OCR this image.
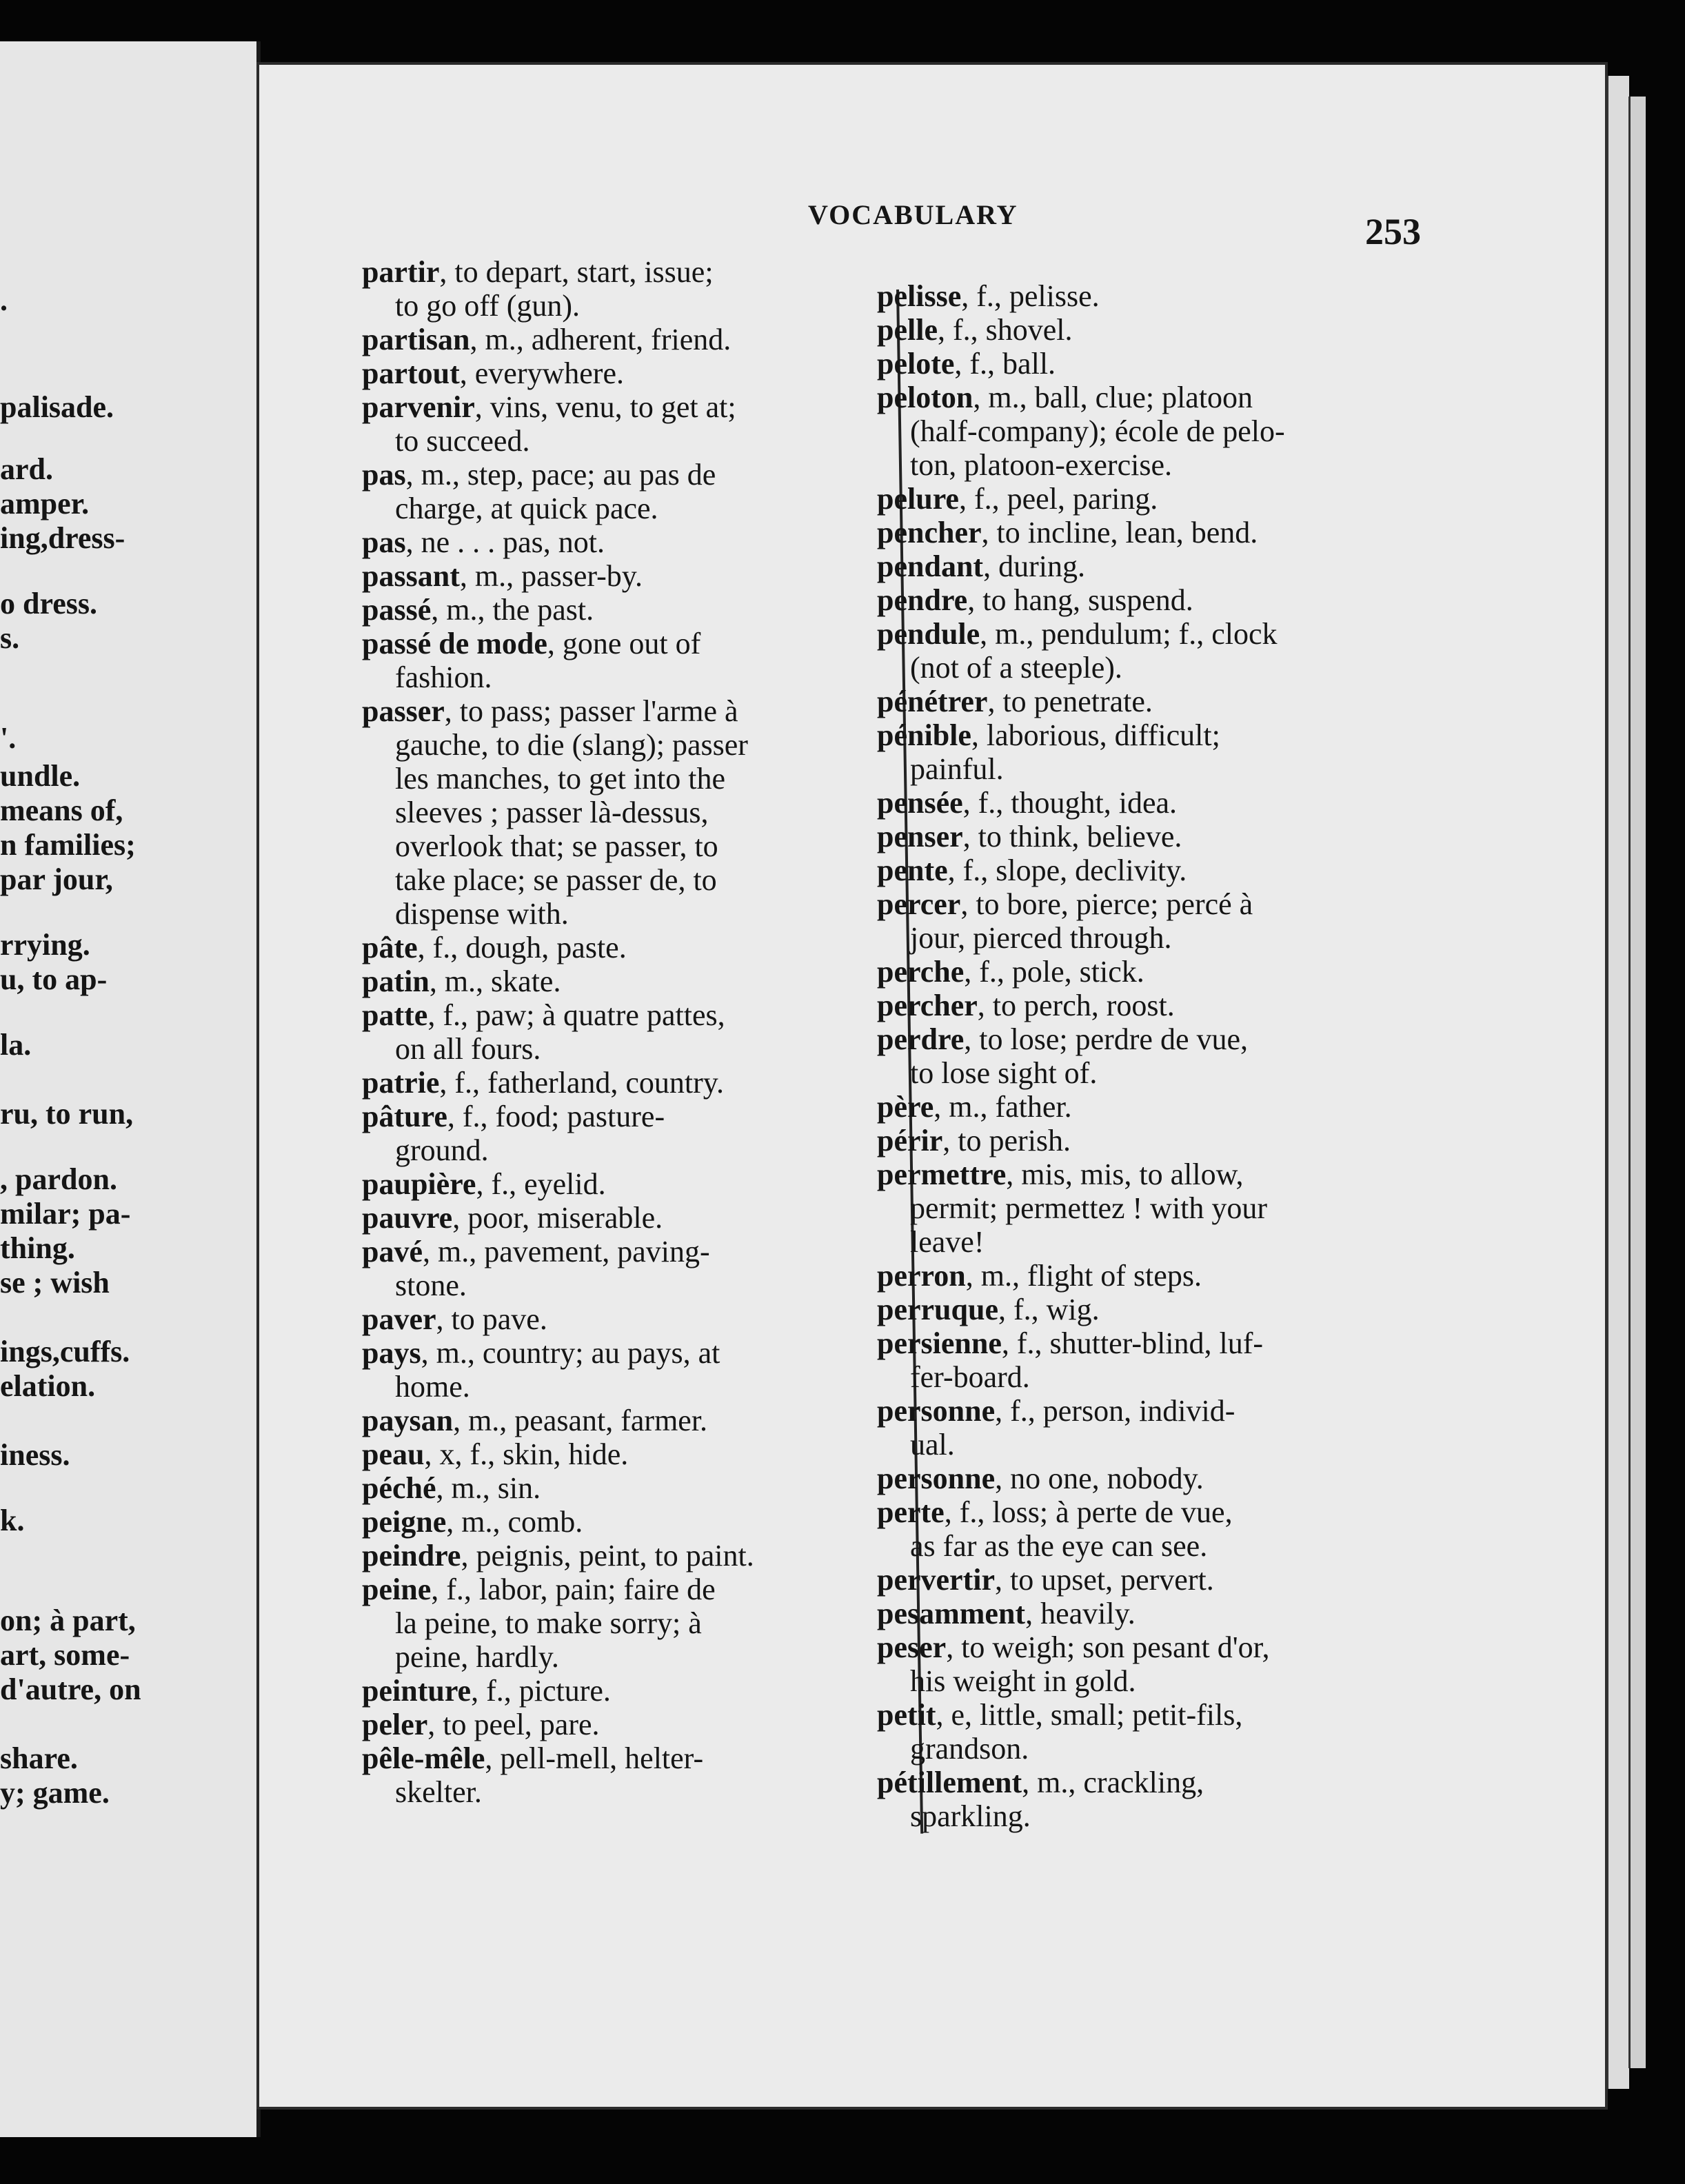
.
palisade.
ard.
amper.
ing,dress-
o dress.
s.
'.
undle.
means of,
n families;
par jour,
rrying.
u, to ap-
la.
ru, to run,
, pardon.
milar; pa-
thing.
se ; wish
ings,cuffs.
elation.
iness.
k.
on; à part,
art, some-
d'autre, on
share.
y; game.
VOCABULARY	253
partir, to depart, start, issue;
to go off (gun).
partisan, m., adherent, friend.
partout, everywhere.
parvenir, vins, venu, to get at;
to succeed.
pas, m., step, pace; au pas de
charge, at quick pace.
pas, ne . . . pas, not.
passant, m., passer-by.
passé, m., the past.
passé de mode, gone out of
fashion.
passer, to pass; passer l'arme à
gauche, to die (slang); passer
les manches, to get into the
sleeves ; passer là-dessus,
overlook that; se passer, to
take place; se passer de, to
dispense with.
pâte, f., dough, paste.
patin, m., skate.
patte, f., paw; à quatre pattes,
on all fours.
patrie, f., fatherland, country.
pâture, f., food; pasture-
ground.
paupière, f., eyelid.
pauvre, poor, miserable.
pavé, m., pavement, paving-
stone.
paver, to pave.
pays, m., country; au pays, at
home.
paysan, m., peasant, farmer.
peau, x, f., skin, hide.
péché, m., sin.
peigne, m., comb.
peindre, peignis, peint, to paint.
peine, f., labor, pain; faire de
la peine, to make sorry; à
peine, hardly.
peinture, f., picture.
peler, to peel, pare.
pêle-mêle, pell-mell, helter-
skelter.
pelisse, f., pelisse.
pelle, f., shovel.
pelote, f., ball.
peloton, m., ball, clue; platoon
(half-company); école de pelo-
ton, platoon-exercise.
pelure, f., peel, paring.
pencher, to incline, lean, bend.
pendant, during.
pendre, to hang, suspend.
pendule, m., pendulum; f., clock
(not of a steeple).
pénétrer, to penetrate.
pénible, laborious, difficult;
painful.
pensée, f., thought, idea.
penser, to think, believe.
pente, f., slope, declivity.
percer, to bore, pierce; percé à
jour, pierced through.
perche, f., pole, stick.
percher, to perch, roost.
perdre, to lose; perdre de vue,
to lose sight of.
père, m., father.
périr, to perish.
permettre, mis, mis, to allow,
permit; permettez ! with your
leave!
perron, m., flight of steps.
perruque, f., wig.
persienne, f., shutter-blind, luf-
fer-board.
personne, f., person, individ-
ual.
personne, no one, nobody.
perte, f., loss; à perte de vue,
as far as the eye can see.
pervertir, to upset, pervert.
pesamment, heavily.
peser, to weigh; son pesant d'or,
his weight in gold.
petit, e, little, small; petit-fils,
grandson.
pétillement, m., crackling,
sparkling.
